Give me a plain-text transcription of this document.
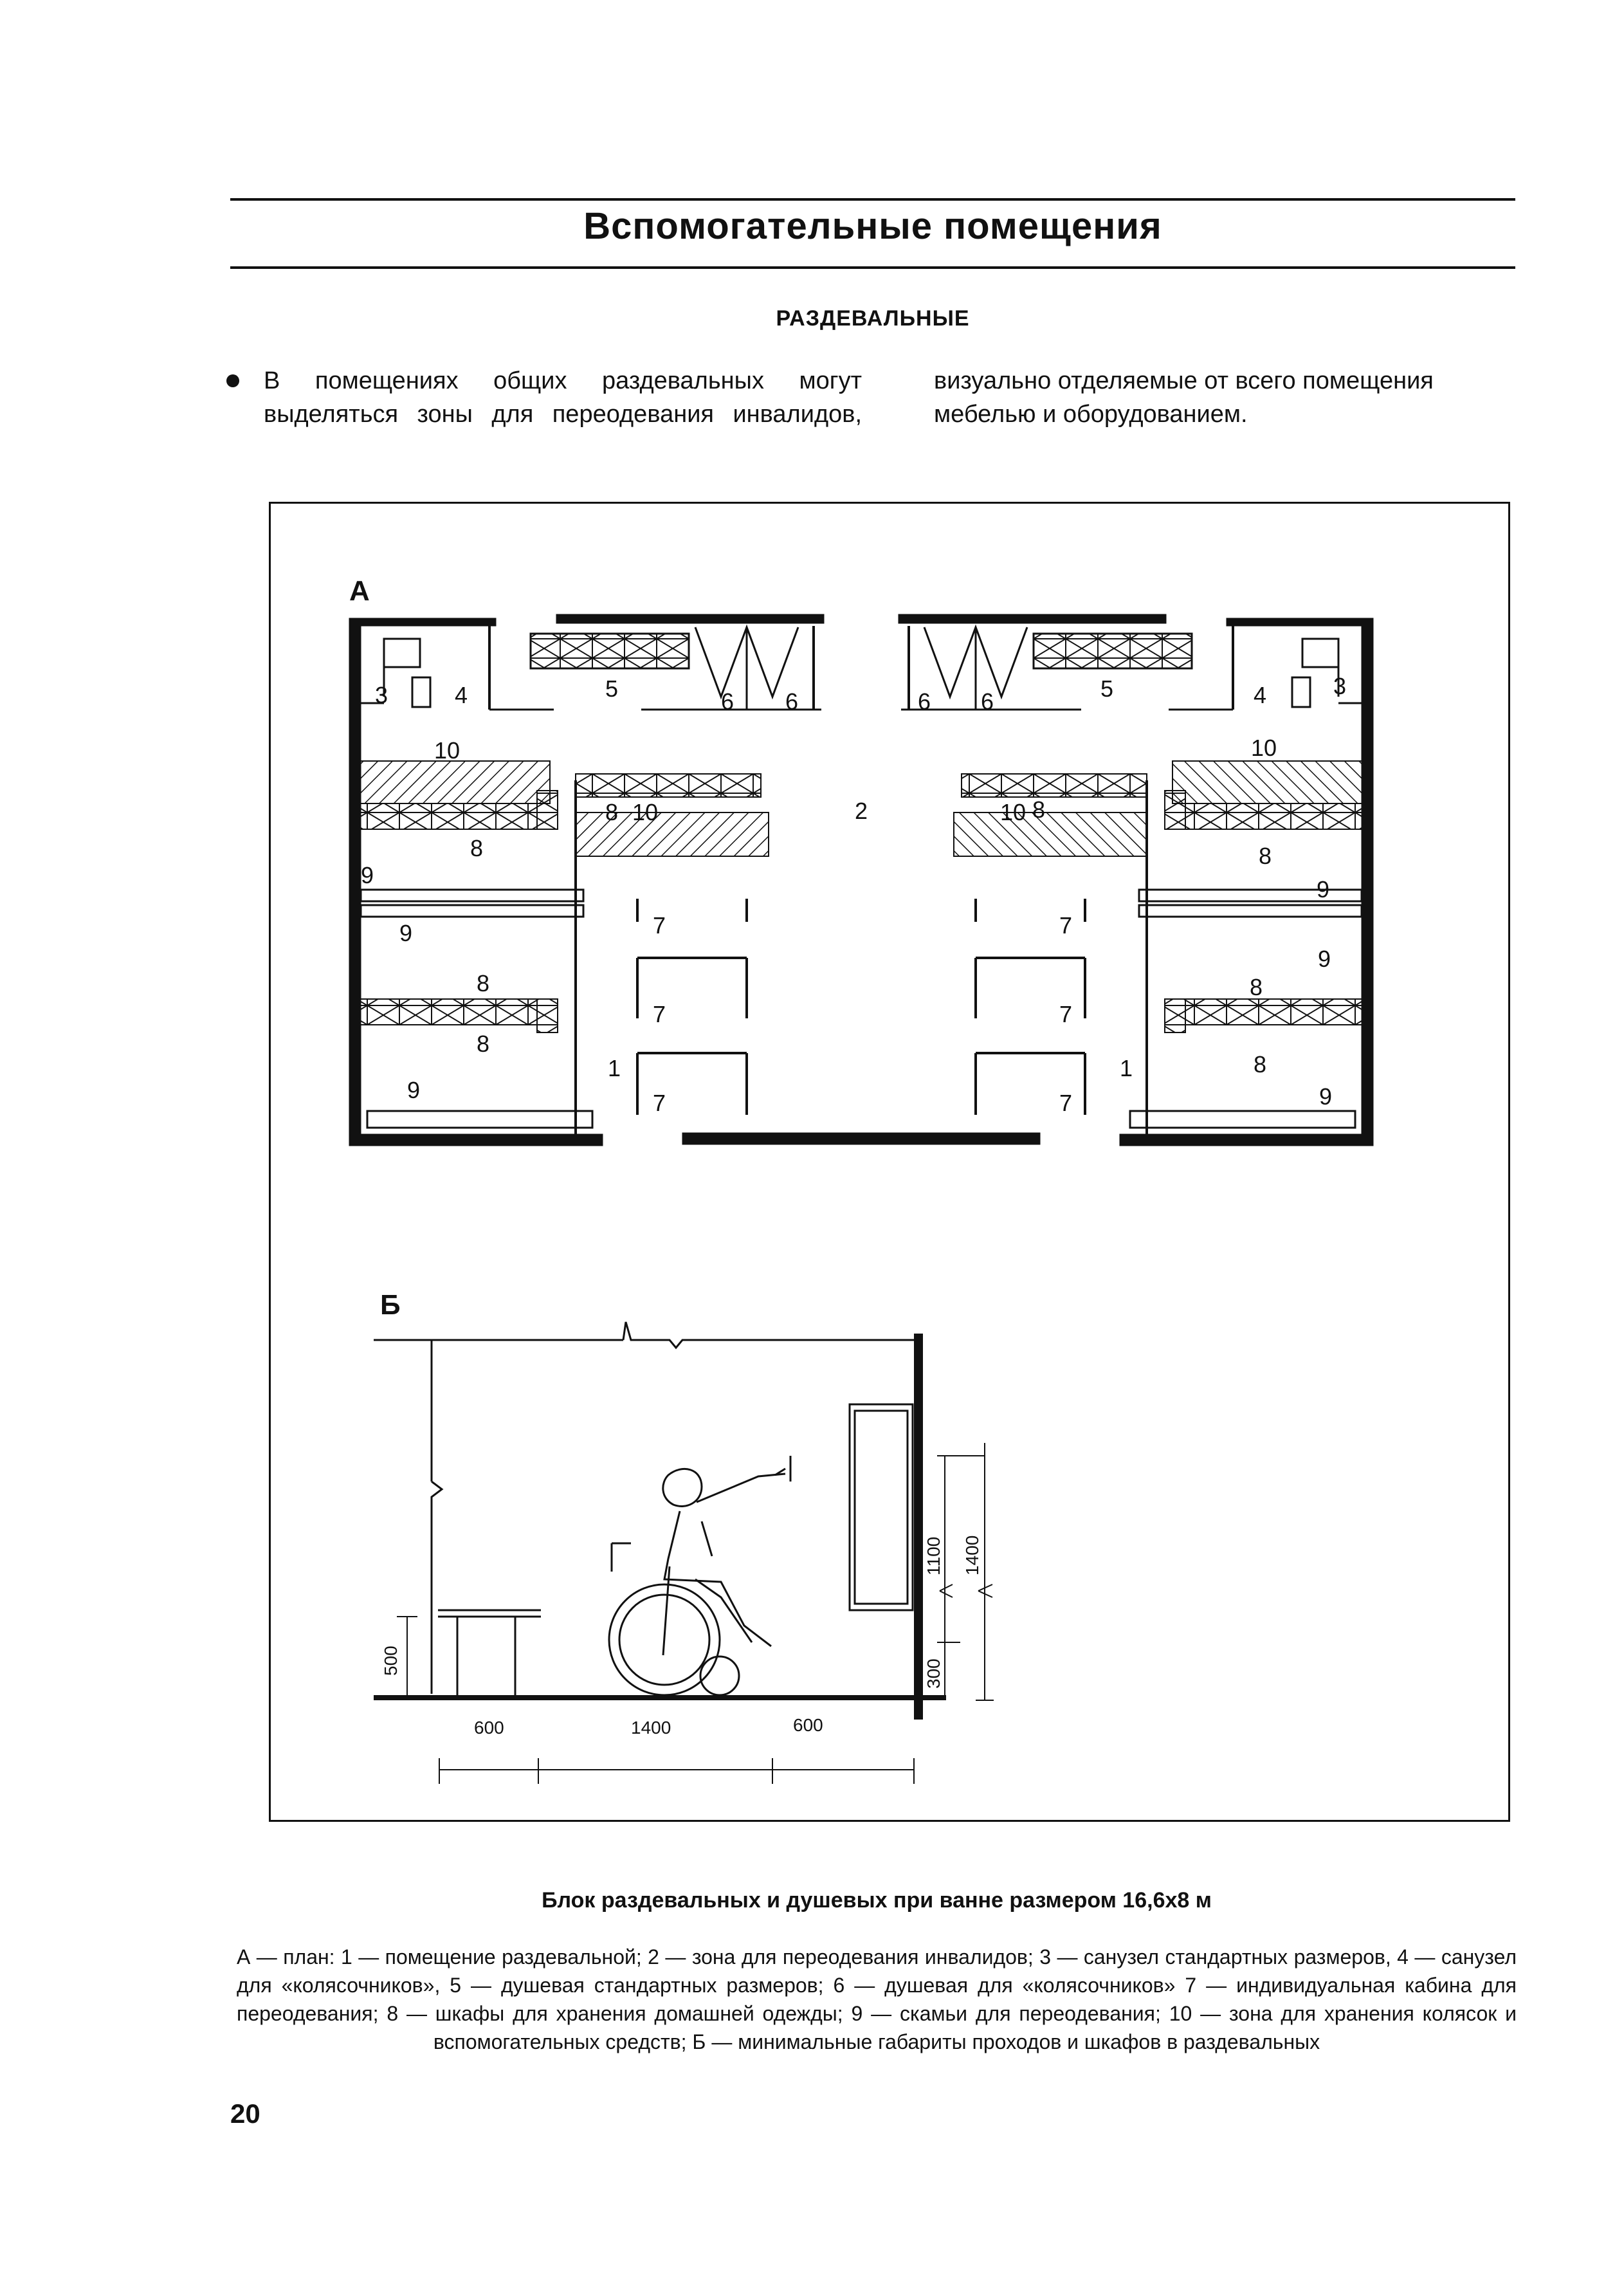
Вспомогательные помещения
РАЗДЕВАЛЬНЫЕ
В помещениях общих раздевальных могут выделяться зоны для переодевания инвалидов,
визуально отделяемые от всего помещения мебелью и оборудованием.
А
3	4	5	6 6
10
8
9
9
8
8
9
8 10
7
7
7
1
2
6 6	5	4	3
10
10 8
8
9
9
8
8
9
7
7
7
1
Б
600	1400	600
500	300
1100 1400
Блок раздевальных и душевых при ванне размером 16,6х8 м
А — план: 1 — помещение раздевальной; 2 — зона для переодевания инвалидов; 3 — санузел стандартных размеров, 4 — санузел для «колясочников», 5 — душевая стандартных размеров; 6 — душевая для «колясочников» 7 — индивидуальная кабина для переодевания; 8 — шкафы для хранения домашней одежды; 9 — скамьи для переодевания; 10 — зона для хранения колясок и вспомогательных средств; Б — минимальные габариты проходов и шкафов в раздевальных
20
